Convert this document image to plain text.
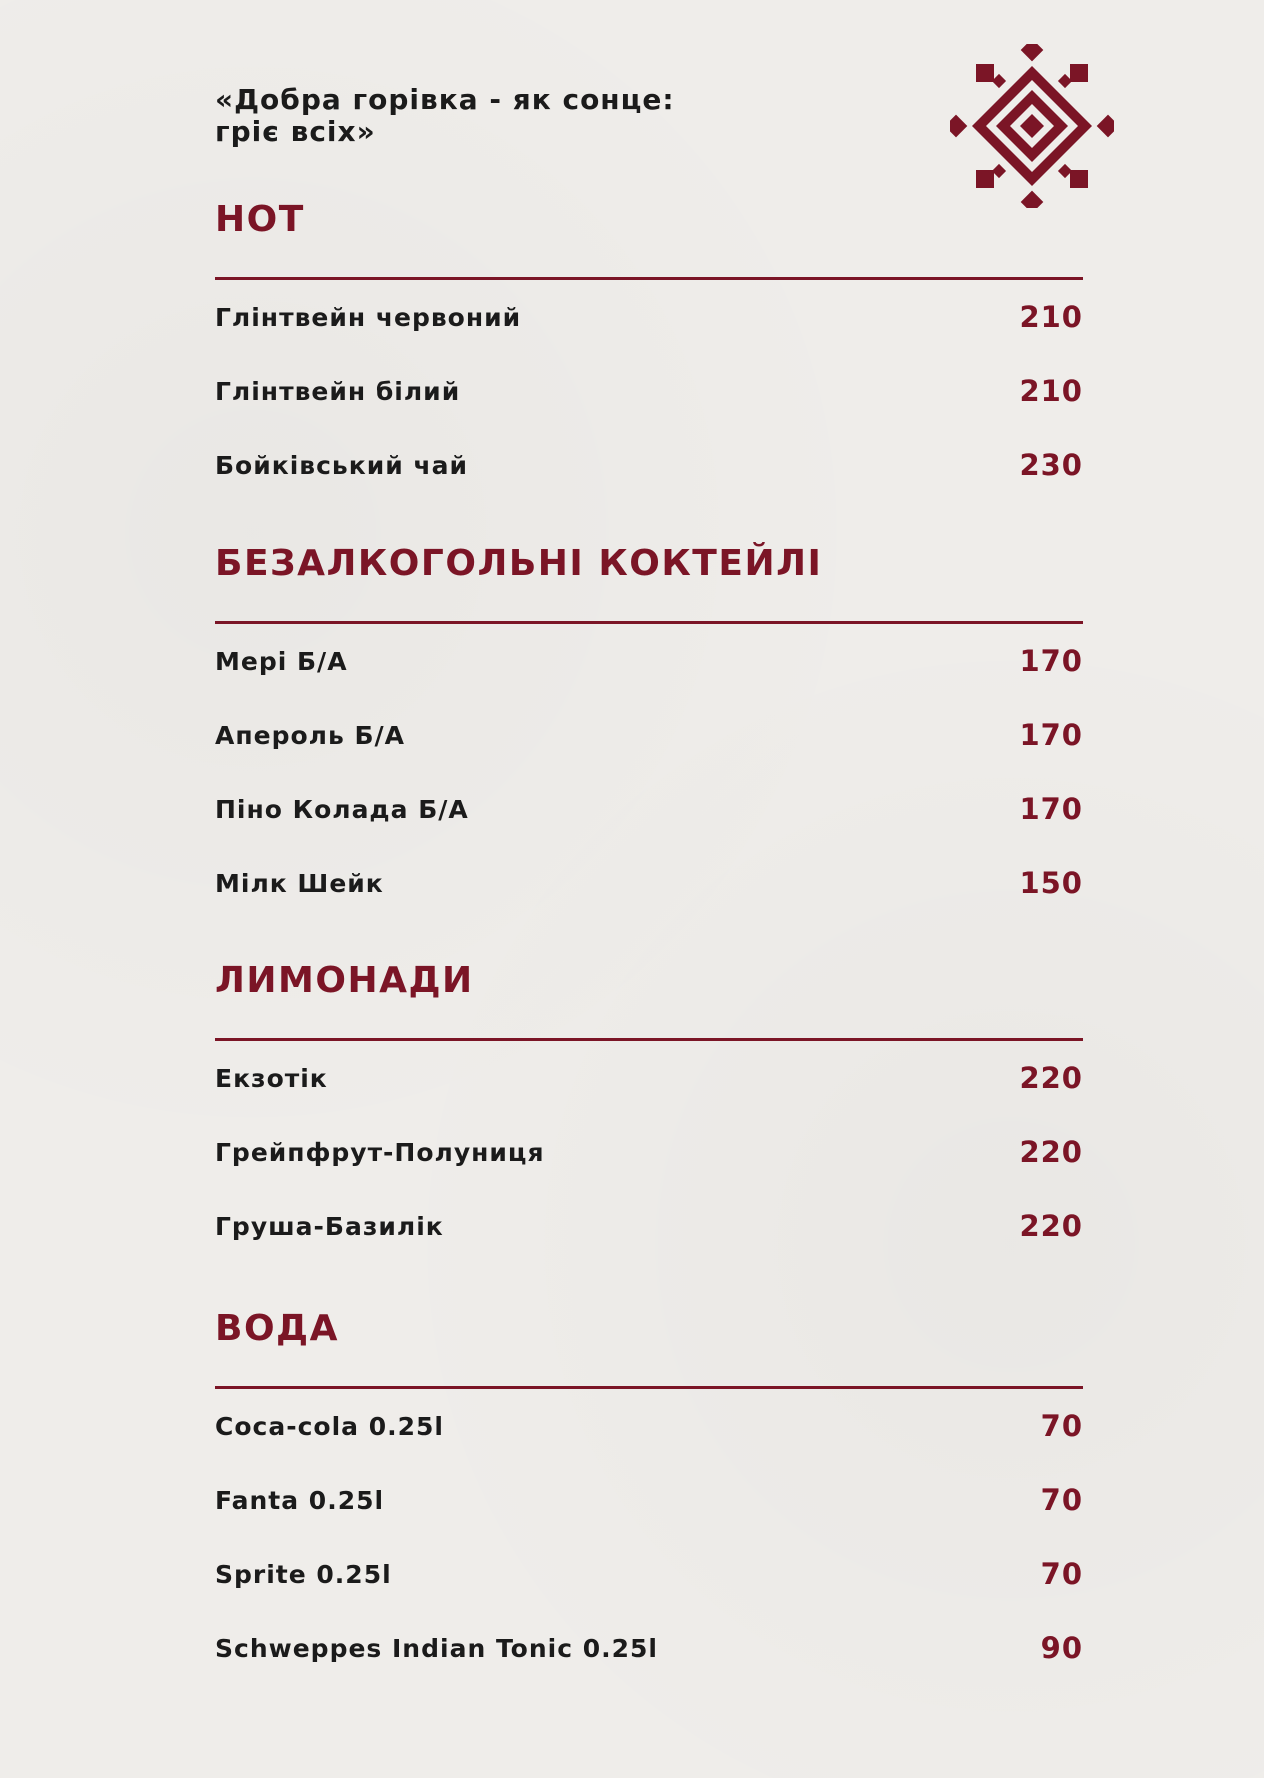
«Добра горівка - як сонце:
гріє всіх»
НОТ
Глінтвейн червоний	210
Глінтвейн білий	210
Бойківський чай	230
БЕЗАЛКОГОЛЬНІ КОКТЕЙЛІ
Мері Б/А	170
Апероль Б/А	170
Піно Колада Б/А	170
Мілк Шейк	150
ЛИМОНАДИ
Екзотік	220
Грейпфрут-Полуниця	220
Груша-Базилік	220
ВОДА
Coca-cola 0.25l	70
Fanta 0.25l	70
Sprite 0.25l	70
Schweppes Indian Tonic 0.25l	90
